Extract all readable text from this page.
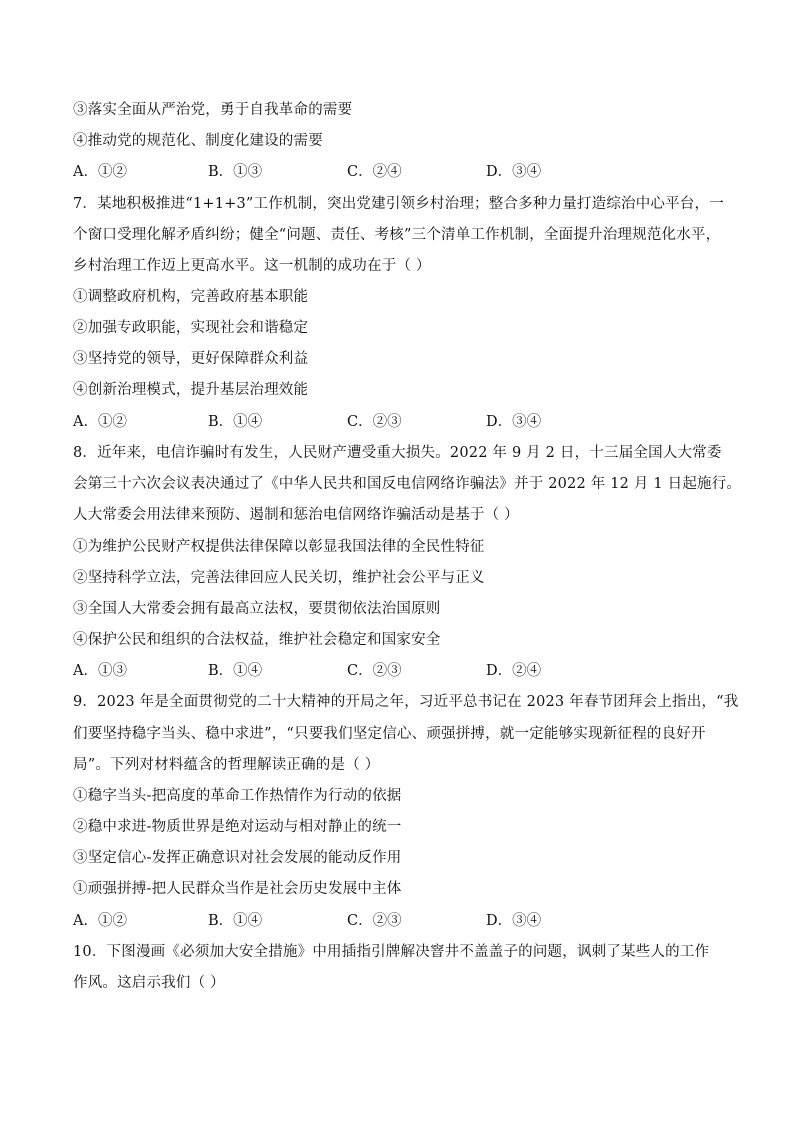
③落实全面从严治党，勇于自我革命的需要
④推动党的规范化、制度化建设的需要
A．①②	B．①③	C．②④	D．③④
7．某地积极推进“1+1+3”工作机制，突出党建引领乡村治理；整合多种力量打造综治中心平台，一
个窗口受理化解矛盾纠纷；健全“问题、责任、考核”三个清单工作机制，全面提升治理规范化水平，
乡村治理工作迈上更高水平。这一机制的成功在于（ ）
①调整政府机构，完善政府基本职能
②加强专政职能，实现社会和谐稳定
③坚持党的领导，更好保障群众利益
④创新治理模式，提升基层治理效能
A．①②	B．①④	C．②③	D．③④
8．近年来，电信诈骗时有发生，人民财产遭受重大损失。2022 年 9 月 2 日，十三届全国人大常委
会第三十六次会议表决通过了《中华人民共和国反电信网络诈骗法》并于 2022 年 12 月 1 日起施行。
人大常委会用法律来预防、遏制和惩治电信网络诈骗活动是基于（ ）
①为维护公民财产权提供法律保障以彰显我国法律的全民性特征
②坚持科学立法，完善法律回应人民关切，维护社会公平与正义
③全国人大常委会拥有最高立法权，要贯彻依法治国原则
④保护公民和组织的合法权益，维护社会稳定和国家安全
A．①③	B．①④	C．②③	D．②④
9．2023 年是全面贯彻党的二十大精神的开局之年，习近平总书记在 2023 年春节团拜会上指出，“我
们要坚持稳字当头、稳中求进”，“只要我们坚定信心、顽强拼搏，就一定能够实现新征程的良好开
局”。下列对材料蕴含的哲理解读正确的是（ ）
①稳字当头-把高度的革命工作热情作为行动的依据
②稳中求进-物质世界是绝对运动与相对静止的统一
③坚定信心-发挥正确意识对社会发展的能动反作用
①顽强拼搏-把人民群众当作是社会历史发展中主体
A．①②	B．①④	C．②③	D．③④
10．下图漫画《必须加大安全措施》中用插指引牌解决窨井不盖盖子的问题，讽刺了某些人的工作
作风。这启示我们（ ）
